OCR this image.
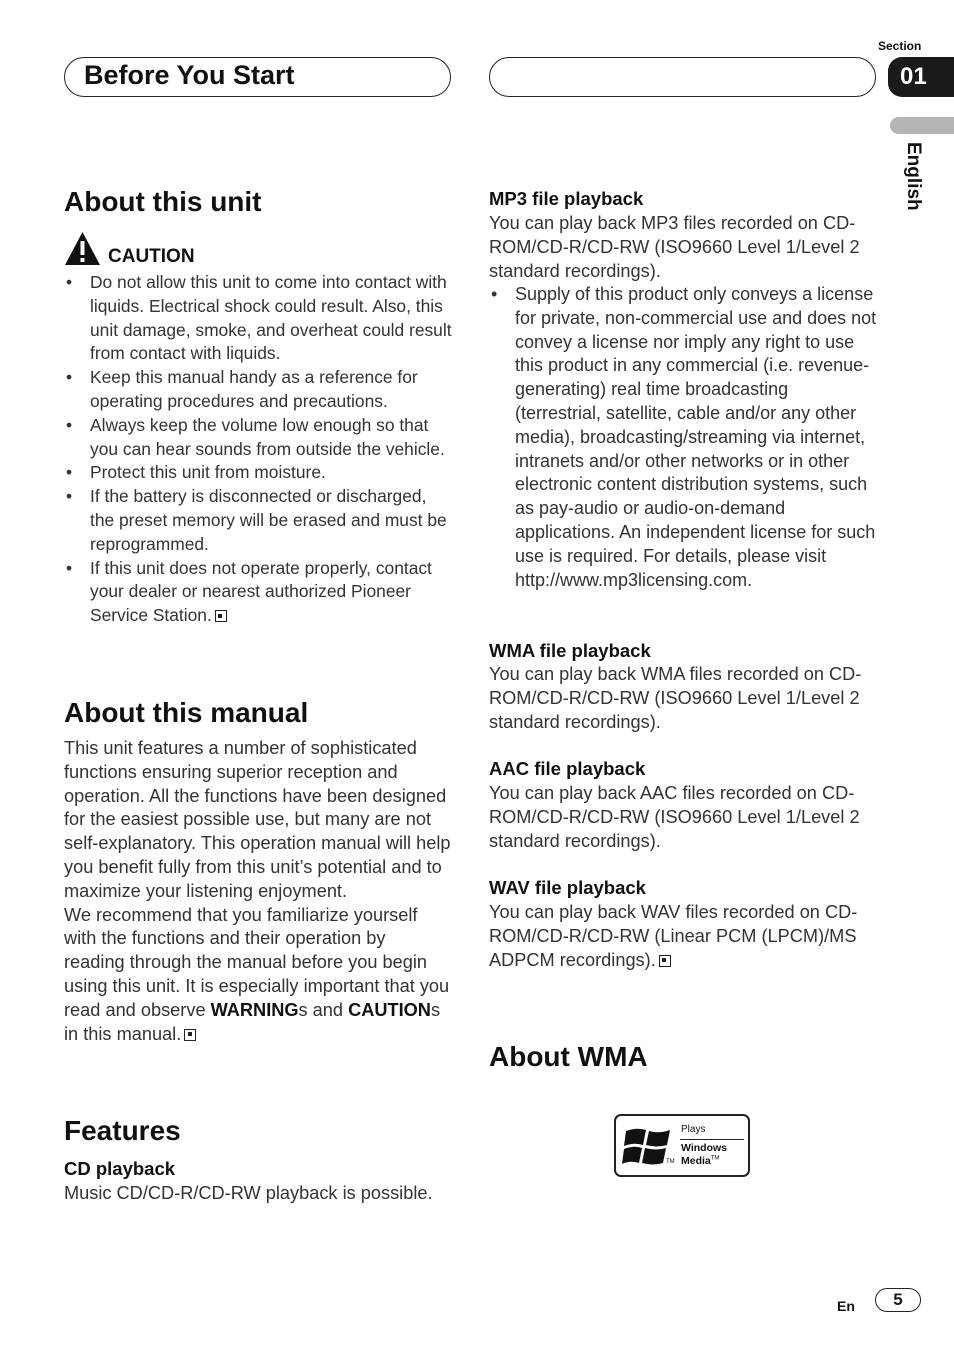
Before You Start
Section
01
English
About this unit
CAUTION
• Do not allow this unit to come into contact with liquids. Electrical shock could result. Also, this unit damage, smoke, and overheat could result from contact with liquids.
• Keep this manual handy as a reference for operating procedures and precautions.
• Always keep the volume low enough so that you can hear sounds from outside the vehicle.
• Protect this unit from moisture.
• If the battery is disconnected or discharged, the preset memory will be erased and must be reprogrammed.
• If this unit does not operate properly, contact your dealer or nearest authorized Pioneer Service Station.
About this manual
This unit features a number of sophisticated functions ensuring superior reception and operation. All the functions have been designed for the easiest possible use, but many are not self-explanatory. This operation manual will help you benefit fully from this unit’s potential and to maximize your listening enjoyment.
We recommend that you familiarize yourself with the functions and their operation by reading through the manual before you begin using this unit. It is especially important that you read and observe WARNINGs and CAUTIONs in this manual.
Features
CD playback
Music CD/CD-R/CD-RW playback is possible.
MP3 file playback
You can play back MP3 files recorded on CD-ROM/CD-R/CD-RW (ISO9660 Level 1/Level 2 standard recordings).
• Supply of this product only conveys a license for private, non-commercial use and does not convey a license nor imply any right to use this product in any commercial (i.e. revenue-generating) real time broadcasting (terrestrial, satellite, cable and/or any other media), broadcasting/streaming via internet, intranets and/or other networks or in other electronic content distribution systems, such as pay-audio or audio-on-demand applications. An independent license for such use is required. For details, please visit http://www.mp3licensing.com.
WMA file playback
You can play back WMA files recorded on CD-ROM/CD-R/CD-RW (ISO9660 Level 1/Level 2 standard recordings).
AAC file playback
You can play back AAC files recorded on CD-ROM/CD-R/CD-RW (ISO9660 Level 1/Level 2 standard recordings).
WAV file playback
You can play back WAV files recorded on CD-ROM/CD-R/CD-RW (Linear PCM (LPCM)/MS ADPCM recordings).
About WMA
TM
Plays
Windows
Media™
En	5
